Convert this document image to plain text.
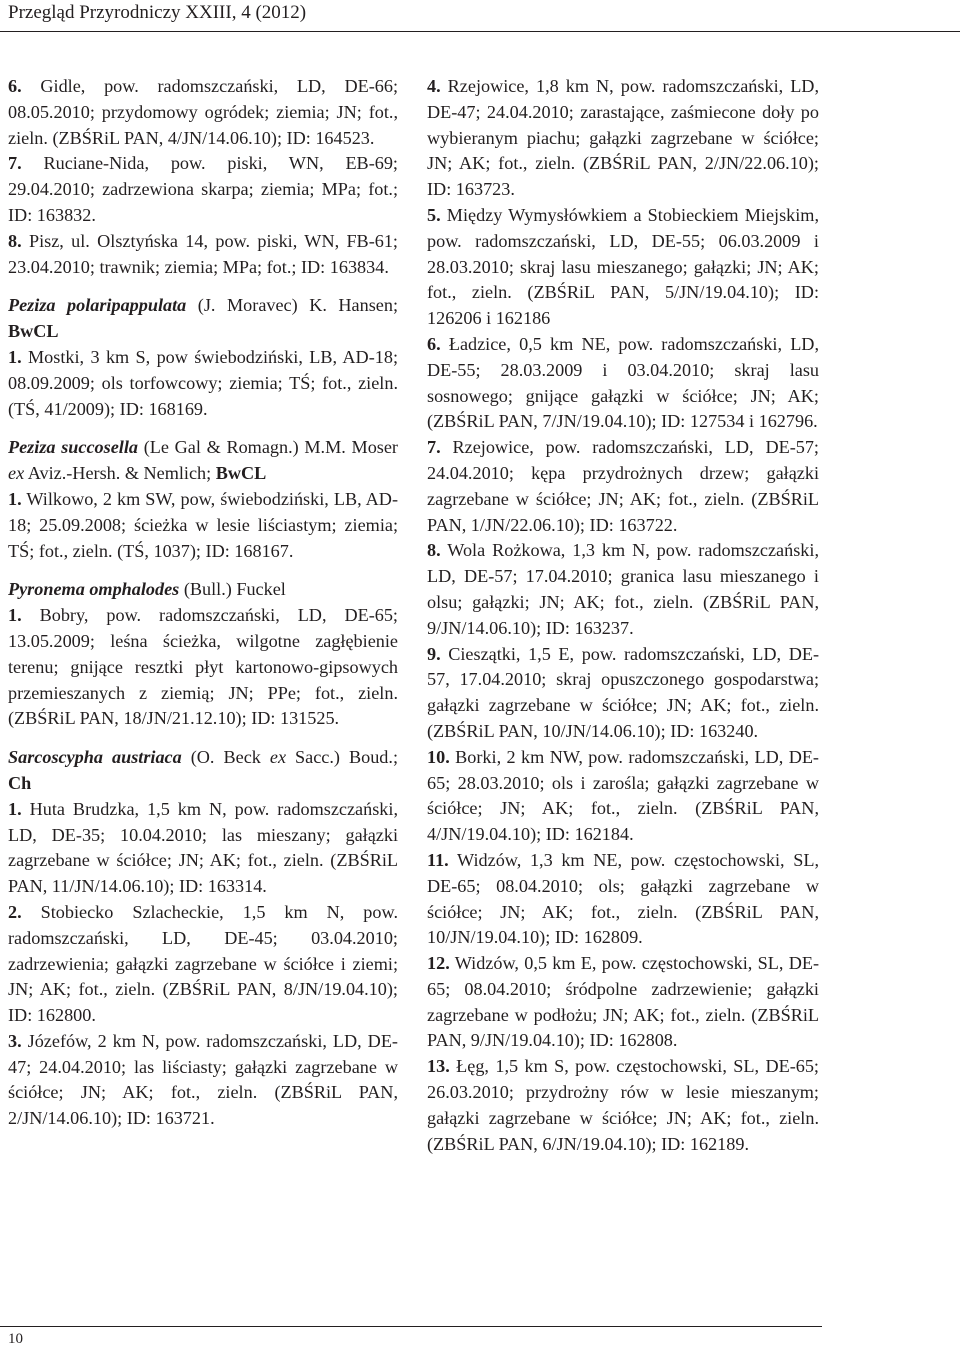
Przegląd Przyrodniczy XXIII, 4 (2012)

6. Gidle, pow. radomszczański, LD, DE-66; 08.05.2010; przydomowy ogródek; ziemia; JN; fot., zieln. (ZBŚRiL PAN, 4/JN/14.06.10); ID: 164523.

7. Ruciane-Nida, pow. piski, WN, EB-69; 29.04.2010; zadrzewiona skarpa; ziemia; MPa; fot.; ID: 163832.

8. Pisz, ul. Olsztyńska 14, pow. piski, WN, FB-61; 23.04.2010; trawnik; ziemia; MPa; fot.; ID: 163834.

Peziza polaripappulata (J. Moravec) K. Hansen; BwCL

1. Mostki, 3 km S, pow świebodziński, LB, AD-18; 08.09.2009; ols torfowcowy; ziemia; TŚ; fot., zieln. (TŚ, 41/2009); ID: 168169.

Peziza succosella (Le Gal & Romagn.) M.M. Moser ex Aviz.-Hersh. & Nemlich; BwCL

1. Wilkowo, 2 km SW, pow, świebodziński, LB, AD-18; 25.09.2008; ścieżka w lesie liściastym; ziemia; TŚ; fot., zieln. (TŚ, 1037); ID: 168167.

Pyronema omphalodes (Bull.) Fuckel

1. Bobry, pow. radomszczański, LD, DE-65; 13.05.2009; leśna ścieżka, wilgotne zagłębienie terenu; gnijące resztki płyt kartonowo-gipsowych przemieszanych z ziemią; JN; PPe; fot., zieln. (ZBŚRiL PAN, 18/JN/21.12.10); ID: 131525.

Sarcoscypha austriaca (O. Beck ex Sacc.) Boud.; Ch

1. Huta Brudzka, 1,5 km N, pow. radomszczański, LD, DE-35; 10.04.2010; las mieszany; gałązki zagrzebane w ściółce; JN; AK; fot., zieln. (ZBŚRiL PAN, 11/JN/14.06.10); ID: 163314.

2. Stobiecko Szlacheckie, 1,5 km N, pow. radomszczański, LD, DE-45; 03.04.2010; zadrzewienia; gałązki zagrzebane w ściółce i ziemi; JN; AK; fot., zieln. (ZBŚRiL PAN, 8/JN/19.04.10); ID: 162800.

3. Józefów, 2 km N, pow. radomszczański, LD, DE-47; 24.04.2010; las liściasty; gałązki zagrzebane w ściółce; JN; AK; fot., zieln. (ZBŚRiL PAN, 2/JN/14.06.10); ID: 163721.

4. Rzejowice, 1,8 km N, pow. radomszczański, LD, DE-47; 24.04.2010; zarastające, zaśmiecone doły po wybieranym piachu; gałązki zagrzebane w ściółce; JN; AK; fot., zieln. (ZBŚRiL PAN, 2/JN/22.06.10); ID: 163723.

5. Między Wymysłówkiem a Stobieckiem Miejskim, pow. radomszczański, LD, DE-55; 06.03.2009 i 28.03.2010; skraj lasu mieszanego; gałązki; JN; AK; fot., zieln. (ZBŚRiL PAN, 5/JN/19.04.10); ID: 126206 i 162186

6. Ładzice, 0,5 km NE, pow. radomszczański, LD, DE-55; 28.03.2009 i 03.04.2010; skraj lasu sosnowego; gnijące gałązki w ściółce; JN; AK; (ZBŚRiL PAN, 7/JN/19.04.10); ID: 127534 i 162796.

7. Rzejowice, pow. radomszczański, LD, DE-57; 24.04.2010; kępa przydrożnych drzew; gałązki zagrzebane w ściółce; JN; AK; fot., zieln. (ZBŚRiL PAN, 1/JN/22.06.10); ID: 163722.

8. Wola Rożkowa, 1,3 km N, pow. radomszczański, LD, DE-57; 17.04.2010; granica lasu mieszanego i olsu; gałązki; JN; AK; fot., zieln. (ZBŚRiL PAN, 9/JN/14.06.10); ID: 163237.

9. Cieszątki, 1,5 E, pow. radomszczański, LD, DE-57, 17.04.2010; skraj opuszczonego gospodarstwa; gałązki zagrzebane w ściółce; JN; AK; fot., zieln. (ZBŚRiL PAN, 10/JN/14.06.10); ID: 163240.

10. Borki, 2 km NW, pow. radomszczański, LD, DE-65; 28.03.2010; ols i zarośla; gałązki zagrzebane w ściółce; JN; AK; fot., zieln. (ZBŚRiL PAN, 4/JN/19.04.10); ID: 162184.

11. Widzów, 1,3 km NE, pow. częstochowski, SL, DE-65; 08.04.2010; ols; gałązki zagrzebane w ściółce; JN; AK; fot., zieln. (ZBŚRiL PAN, 10/JN/19.04.10); ID: 162809.

12. Widzów, 0,5 km E, pow. częstochowski, SL, DE-65; 08.04.2010; śródpolne zadrzewienie; gałązki zagrzebane w podłożu; JN; AK; fot., zieln. (ZBŚRiL PAN, 9/JN/19.04.10); ID: 162808.

13. Łęg, 1,5 km S, pow. częstochowski, SL, DE-65; 26.03.2010; przydrożny rów w lesie mieszanym; gałązki zagrzebane w ściółce; JN; AK; fot., zieln. (ZBŚRiL PAN, 6/JN/19.04.10); ID: 162189.

10
